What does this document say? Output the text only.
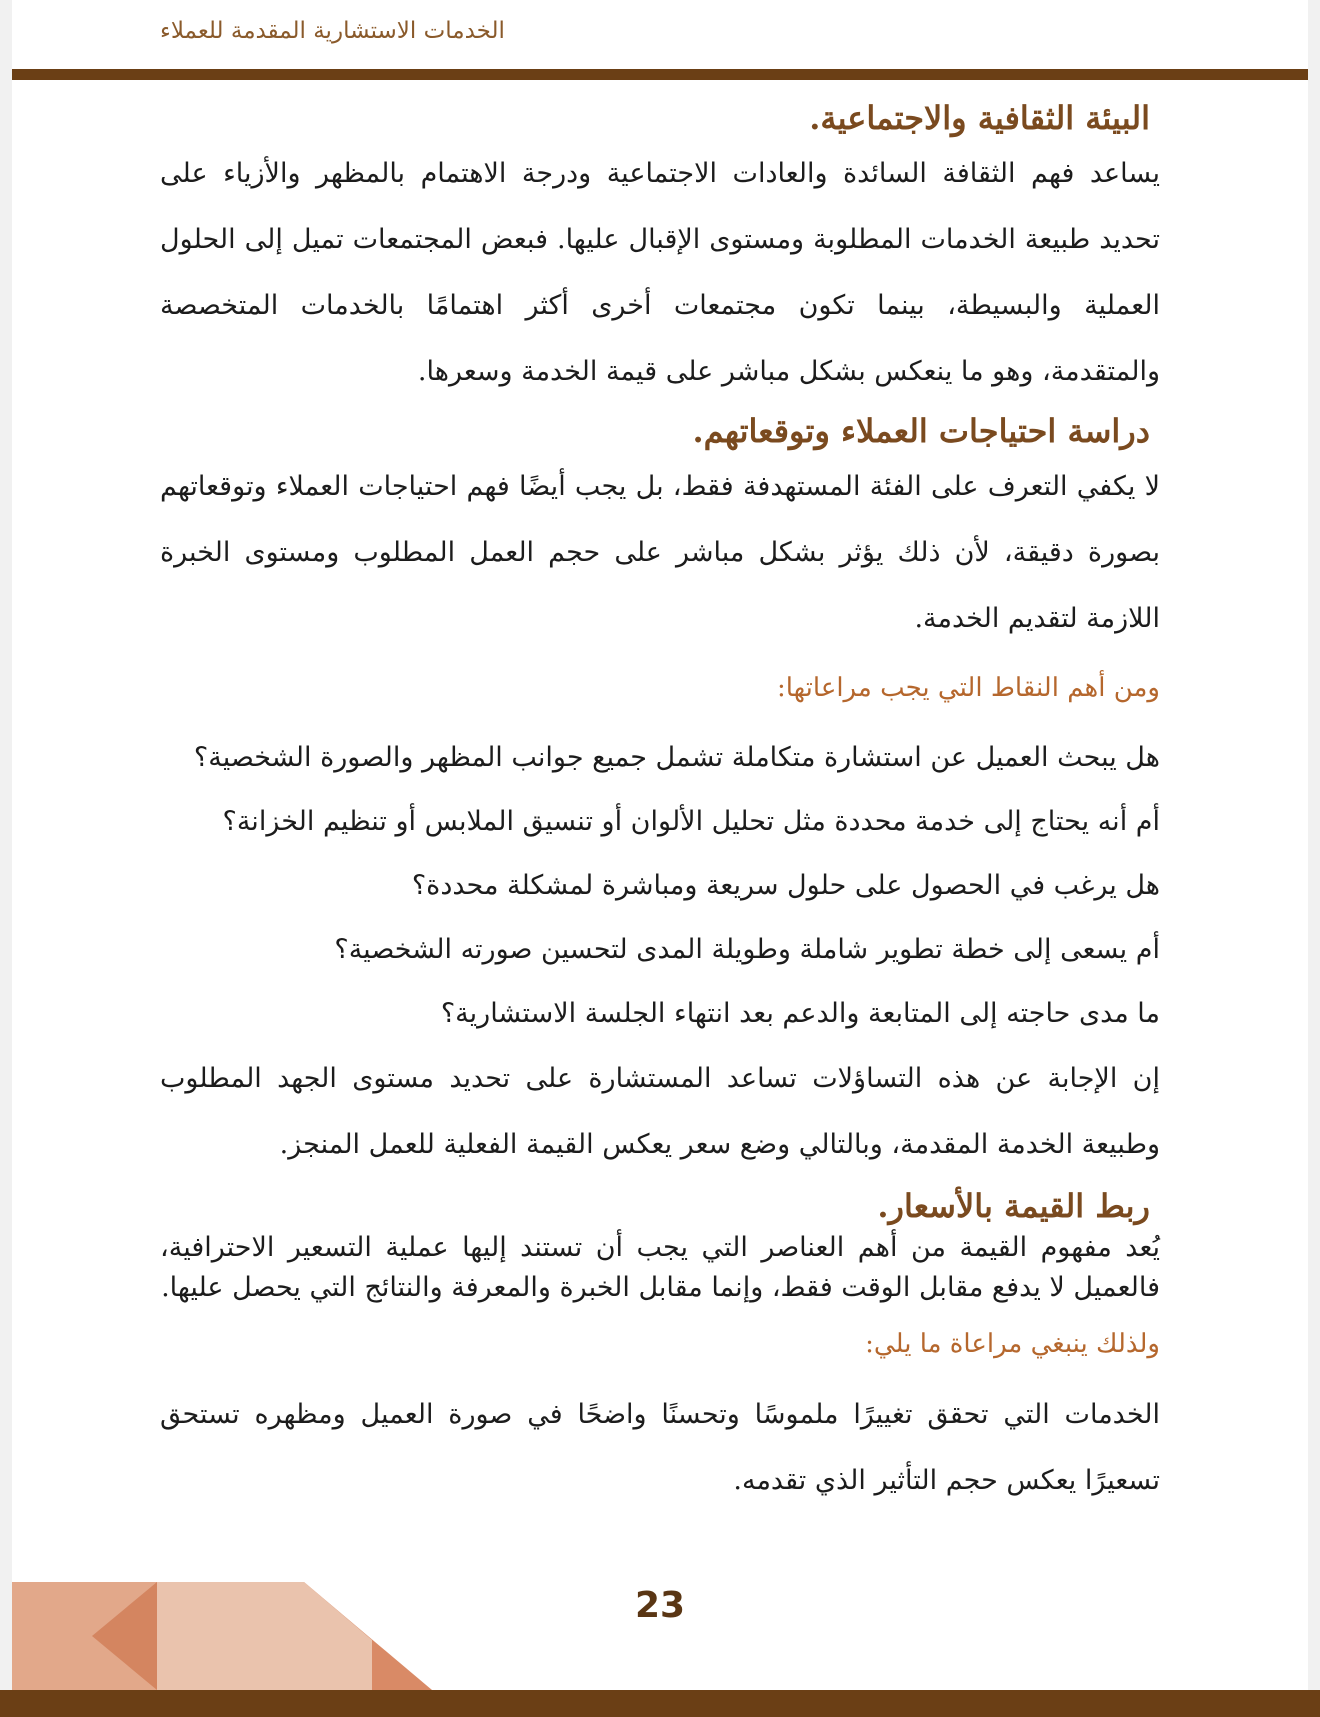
الخدمات الاستشارية المقدمة للعملاء
البيئة الثقافية والاجتماعية.

يساعد فهم الثقافة السائدة والعادات الاجتماعية ودرجة الاهتمام بالمظهر والأزياء على تحديد طبيعة الخدمات المطلوبة ومستوى الإقبال عليها. فبعض المجتمعات تميل إلى الحلول العملية والبسيطة، بينما تكون مجتمعات أخرى أكثر اهتمامًا بالخدمات المتخصصة والمتقدمة، وهو ما ينعكس بشكل مباشر على قيمة الخدمة وسعرها.

دراسة احتياجات العملاء وتوقعاتهم.

لا يكفي التعرف على الفئة المستهدفة فقط، بل يجب أيضًا فهم احتياجات العملاء وتوقعاتهم بصورة دقيقة، لأن ذلك يؤثر بشكل مباشر على حجم العمل المطلوب ومستوى الخبرة اللازمة لتقديم الخدمة.

ومن أهم النقاط التي يجب مراعاتها:

هل يبحث العميل عن استشارة متكاملة تشمل جميع جوانب المظهر والصورة الشخصية؟
أم أنه يحتاج إلى خدمة محددة مثل تحليل الألوان أو تنسيق الملابس أو تنظيم الخزانة؟
هل يرغب في الحصول على حلول سريعة ومباشرة لمشكلة محددة؟
أم يسعى إلى خطة تطوير شاملة وطويلة المدى لتحسين صورته الشخصية؟
ما مدى حاجته إلى المتابعة والدعم بعد انتهاء الجلسة الاستشارية؟

إن الإجابة عن هذه التساؤلات تساعد المستشارة على تحديد مستوى الجهد المطلوب وطبيعة الخدمة المقدمة، وبالتالي وضع سعر يعكس القيمة الفعلية للعمل المنجز.

ربط القيمة بالأسعار.

يُعد مفهوم القيمة من أهم العناصر التي يجب أن تستند إليها عملية التسعير الاحترافية، فالعميل لا يدفع مقابل الوقت فقط، وإنما مقابل الخبرة والمعرفة والنتائج التي يحصل عليها.

ولذلك ينبغي مراعاة ما يلي:

الخدمات التي تحقق تغييرًا ملموسًا وتحسنًا واضحًا في صورة العميل ومظهره تستحق تسعيرًا يعكس حجم التأثير الذي تقدمه.

23
